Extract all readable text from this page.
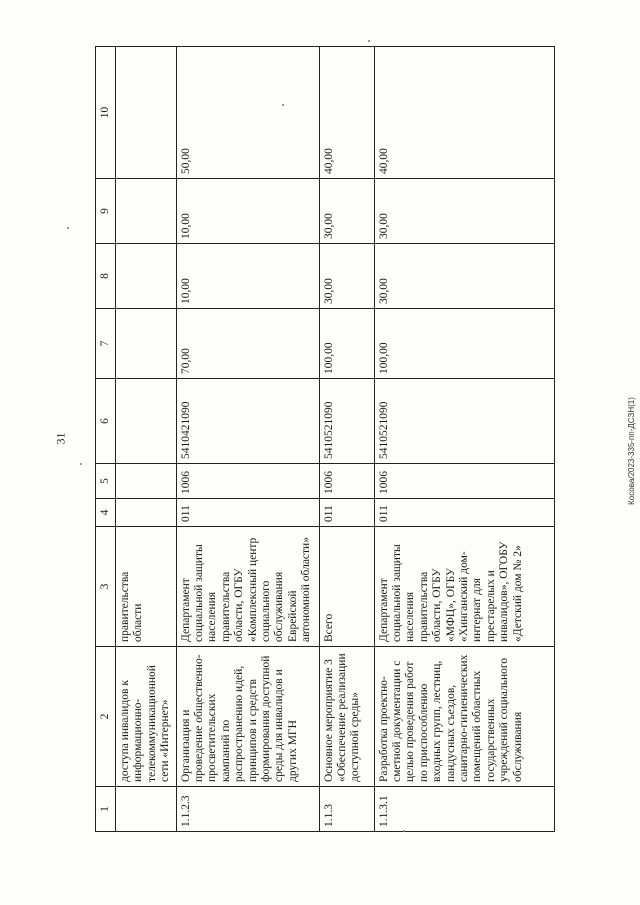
31	Косова/2023-335-пп-ДСЗН(1)
1	2	3	4	5	6	7	8	9	10
	доступа инвалидов к информационно-телекоммуникационной сети «Интернет»	правительства области							
1.1.2.3	Организация и проведение общественно-просветительских кампаний по распространению идей, принципов и средств формирования доступной среды для инвалидов и других МГН	Департамент социальной защиты населения правительства области, ОГБУ «Комплексный центр социального обслуживания Еврейской автономной области»	011	1006	5410421090	70,00	10,00	10,00	50,00
1.1.3	Основное мероприятие 3 «Обеспечение реализации доступной среды»	Всего	011	1006	5410521090	100,00	30,00	30,00	40,00
1.1.3.1	Разработка проектно-сметной документации с целью проведения работ по приспособлению входных групп, лестниц, пандусных съездов, санитарно-гигиенических помещений областных государственных учреждений социального обслуживания	Департамент социальной защиты населения правительства области, ОГБУ «МФЦ», ОГБУ «Хинганский дом-интернат для престарелых и инвалидов», ОГОБУ «Детский дом № 2»	011	1006	5410521090	100,00	30,00	30,00	40,00
